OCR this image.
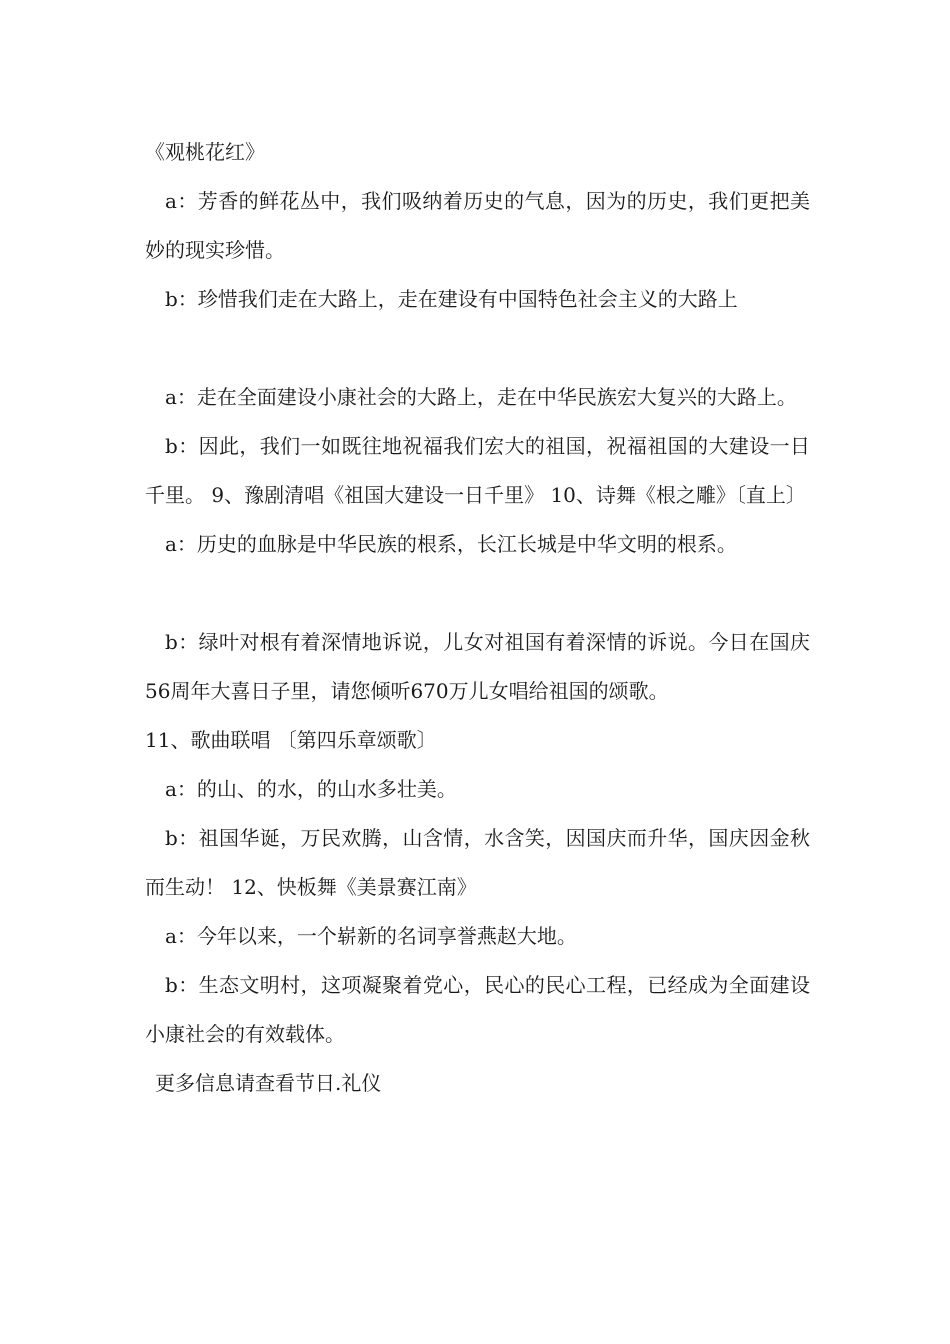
《观桃花红》

a：芳香的鲜花丛中，我们吸纳着历史的气息，因为的历史，我们更把美妙的现实珍惜。

b：珍惜我们走在大路上，走在建设有中国特色社会主义的大路上

a：走在全面建设小康社会的大路上，走在中华民族宏大复兴的大路上。

b：因此，我们一如既往地祝福我们宏大的祖国，祝福祖国的大建设一日千里。 9、豫剧清唱《祖国大建设一日千里》 10、诗舞《根之雕》〔直上〕

a：历史的血脉是中华民族的根系，长江长城是中华文明的根系。

b：绿叶对根有着深情地诉说，儿女对祖国有着深情的诉说。今日在国庆56周年大喜日子里，请您倾听670万儿女唱给祖国的颂歌。

11、歌曲联唱 〔第四乐章颂歌〕

a：的山、的水，的山水多壮美。

b：祖国华诞，万民欢腾，山含情，水含笑，因国庆而升华，国庆因金秋而生动！ 12、快板舞《美景赛江南》

a：今年以来，一个崭新的名词享誉燕赵大地。

b：生态文明村，这项凝聚着党心，民心的民心工程，已经成为全面建设小康社会的有效载体。

更多信息请查看节日.礼仪
